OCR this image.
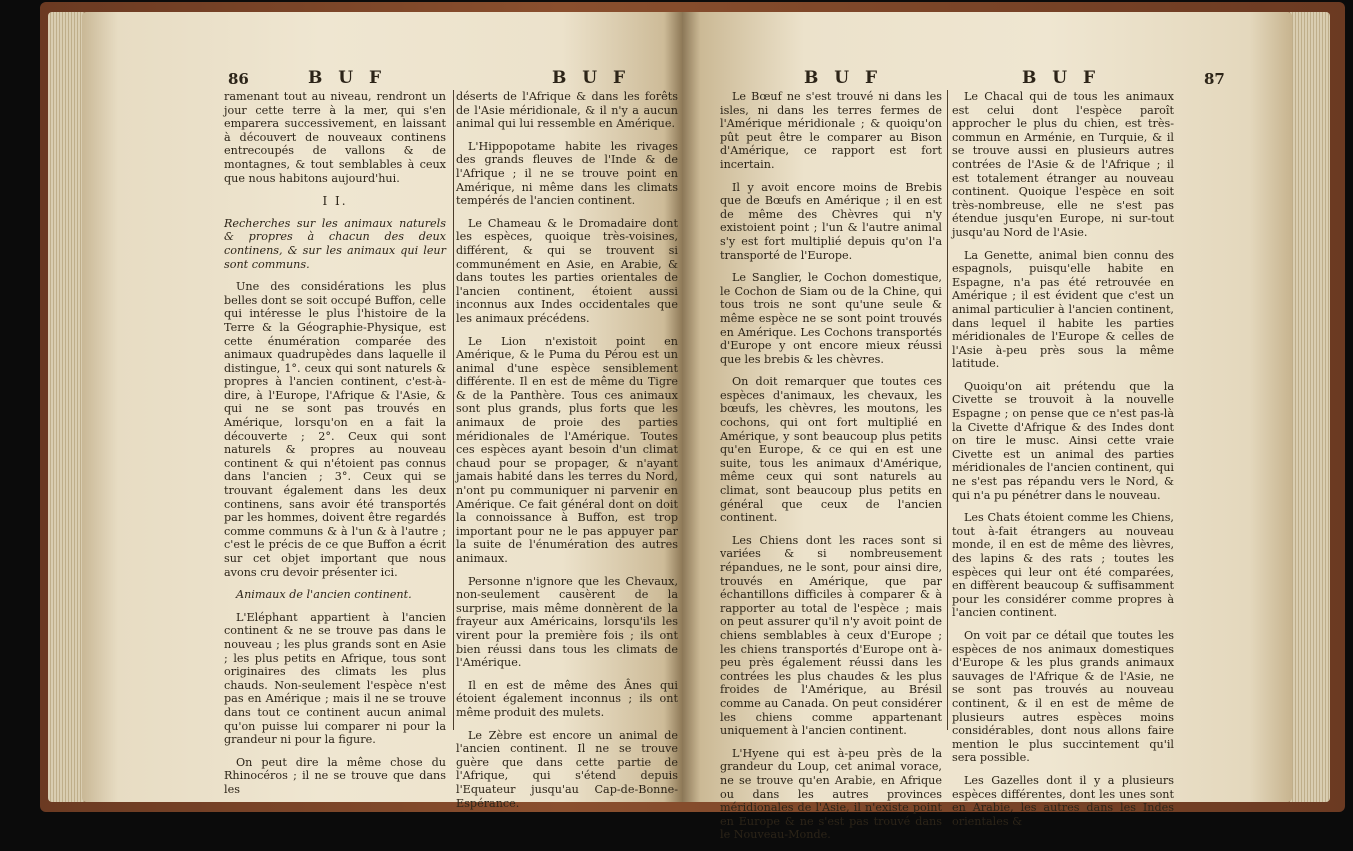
86	B U F	B U F

ramenant tout au niveau, rendront un jour cette terre à la mer, qui s'en emparera successivement, en laissant à découvert de nouveaux continens entrecoupés de vallons & de montagnes, & tout semblables à ceux que nous habitons aujourd'hui.

I I.

Recherches sur les animaux naturels & propres à chacun des deux continens, & sur les animaux qui leur sont communs.

Une des considérations les plus belles dont se soit occupé Buffon, celle qui intéresse le plus l'histoire de la Terre & la Géographie-Physique, est cette énumération comparée des animaux quadrupèdes dans laquelle il distingue, 1°. ceux qui sont naturels & propres à l'ancien continent, c'est-à-dire, à l'Europe, l'Afrique & l'Asie, & qui ne se sont pas trouvés en Amérique, lorsqu'on en a fait la découverte ; 2°. Ceux qui sont naturels & propres au nouveau continent & qui n'étoient pas connus dans l'ancien ; 3°. Ceux qui se trouvant également dans les deux continens, sans avoir été transportés par les hommes, doivent être regardés comme communs & à l'un & à l'autre ; c'est le précis de ce que Buffon a écrit sur cet objet important que nous avons cru devoir présenter ici.

Animaux de l'ancien continent.

L'Eléphant appartient à l'ancien continent & ne se trouve pas dans le nouveau ; les plus grands sont en Asie ; les plus petits en Afrique, tous sont originaires des climats les plus chauds. Non-seulement l'espèce n'est pas en Amérique ; mais il ne se trouve dans tout ce continent aucun animal qu'on puisse lui comparer ni pour la grandeur ni pour la figure.

On peut dire la même chose du Rhinocéros ; il ne se trouve que dans les

déserts de l'Afrique & dans les forêts de l'Asie méridionale, & il n'y a aucun animal qui lui ressemble en Amérique.

L'Hippopotame habite les rivages des grands fleuves de l'Inde & de l'Afrique ; il ne se trouve point en Amérique, ni même dans les climats tempérés de l'ancien continent.

Le Chameau & le Dromadaire dont les espèces, quoique très-voisines, différent, & qui se trouvent si communément en Asie, en Arabie, & dans toutes les parties orientales de l'ancien continent, étoient aussi inconnus aux Indes occidentales que les animaux précédens.

Le Lion n'existoit point en Amérique, & le Puma du Pérou est un animal d'une espèce sensiblement différente. Il en est de même du Tigre & de la Panthère. Tous ces animaux sont plus grands, plus forts que les animaux de proie des parties méridionales de l'Amérique. Toutes ces espèces ayant besoin d'un climat chaud pour se propager, & n'ayant jamais habité dans les terres du Nord, n'ont pu communiquer ni parvenir en Amérique. Ce fait général dont on doit la connoissance à Buffon, est trop important pour ne le pas appuyer par la suite de l'énumération des autres animaux.

Personne n'ignore que les Chevaux, non-seulement causèrent de la surprise, mais même donnèrent de la frayeur aux Américains, lorsqu'ils les virent pour la première fois ; ils ont bien réussi dans tous les climats de l'Amérique.

Il en est de même des Ânes qui étoient également inconnus ; ils ont même produit des mulets.

Le Zèbre est encore un animal de l'ancien continent. Il ne se trouve guère que dans cette partie de l'Afrique, qui s'étend depuis l'Equateur jusqu'au Cap-de-Bonne-Espérance.

B U F	B U F	87

Le Bœuf ne s'est trouvé ni dans les isles, ni dans les terres fermes de l'Amérique méridionale ; & quoiqu'on pût peut être le comparer au Bison d'Amérique, ce rapport est fort incertain.

Il y avoit encore moins de Brebis que de Bœufs en Amérique ; il en est de même des Chèvres qui n'y existoient point ; l'un & l'autre animal s'y est fort multiplié depuis qu'on l'a transporté de l'Europe.

Le Sanglier, le Cochon domestique, le Cochon de Siam ou de la Chine, qui tous trois ne sont qu'une seule & même espèce ne se sont point trouvés en Amérique. Les Cochons transportés d'Europe y ont encore mieux réussi que les brebis & les chèvres.

On doit remarquer que toutes ces espèces d'animaux, les chevaux, les bœufs, les chèvres, les moutons, les cochons, qui ont fort multiplié en Amérique, y sont beaucoup plus petits qu'en Europe, & ce qui en est une suite, tous les animaux d'Amérique, même ceux qui sont naturels au climat, sont beaucoup plus petits en général que ceux de l'ancien continent.

Les Chiens dont les races sont si variées & si nombreusement répandues, ne le sont, pour ainsi dire, trouvés en Amérique, que par échantillons difficiles à comparer & à rapporter au total de l'espèce ; mais on peut assurer qu'il n'y avoit point de chiens semblables à ceux d'Europe ; les chiens transportés d'Europe ont à-peu près également réussi dans les contrées les plus chaudes & les plus froides de l'Amérique, au Brésil comme au Canada. On peut considérer les chiens comme appartenant uniquement à l'ancien continent.

L'Hyene qui est à-peu près de la grandeur du Loup, cet animal vorace, ne se trouve qu'en Arabie, en Afrique ou dans les autres provinces méridionales de l'Asie, il n'existe point en Europe & ne s'est pas trouvé dans le Nouveau-Monde.

Le Chacal qui de tous les animaux est celui dont l'espèce paroît approcher le plus du chien, est très-commun en Arménie, en Turquie, & il se trouve aussi en plusieurs autres contrées de l'Asie & de l'Afrique ; il est totalement étranger au nouveau continent. Quoique l'espèce en soit très-nombreuse, elle ne s'est pas étendue jusqu'en Europe, ni sur-tout jusqu'au Nord de l'Asie.

La Genette, animal bien connu des espagnols, puisqu'elle habite en Espagne, n'a pas été retrouvée en Amérique ; il est évident que c'est un animal particulier à l'ancien continent, dans lequel il habite les parties méridionales de l'Europe & celles de l'Asie à-peu près sous la même latitude.

Quoiqu'on ait prétendu que la Civette se trouvoit à la nouvelle Espagne ; on pense que ce n'est pas-là la Civette d'Afrique & des Indes dont on tire le musc. Ainsi cette vraie Civette est un animal des parties méridionales de l'ancien continent, qui ne s'est pas répandu vers le Nord, & qui n'a pu pénétrer dans le nouveau.

Les Chats étoient comme les Chiens, tout à-fait étrangers au nouveau monde, il en est de même des lièvres, des lapins & des rats ; toutes les espèces qui leur ont été comparées, en diffèrent beaucoup & suffisamment pour les considérer comme propres à l'ancien continent.

On voit par ce détail que toutes les espèces de nos animaux domestiques d'Europe & les plus grands animaux sauvages de l'Afrique & de l'Asie, ne se sont pas trouvés au nouveau continent, & il en est de même de plusieurs autres espèces moins considérables, dont nous allons faire mention le plus succintement qu'il sera possible.

Les Gazelles dont il y a plusieurs espèces différentes, dont les unes sont en Arabie, les autres dans les Indes orientales &
